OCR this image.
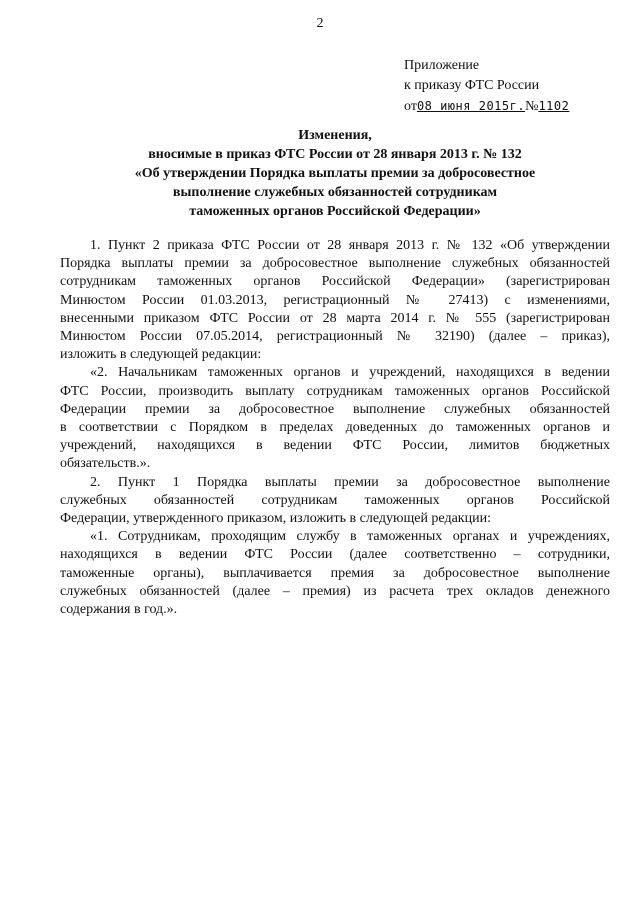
2
Приложение
к приказу ФТС России
от08 июня 2015г.№1102
Изменения,
вносимые в приказ ФТС России от 28 января 2013 г. № 132
«Об утверждении Порядка выплаты премии за добросовестное
выполнение служебных обязанностей сотрудникам
таможенных органов Российской Федерации»
1. Пункт 2 приказа ФТС России от 28 января 2013 г. № 132 «Об утверждении
Порядка выплаты премии за добросовестное выполнение служебных обязанностей
сотрудникам таможенных органов Российской Федерации» (зарегистрирован
Минюстом России 01.03.2013, регистрационный № 27413) с изменениями,
внесенными приказом ФТС России от 28 марта 2014 г. № 555 (зарегистрирован
Минюстом России 07.05.2014, регистрационный № 32190) (далее – приказ),
изложить в следующей редакции:
«2. Начальникам таможенных органов и учреждений, находящихся в ведении
ФТС России, производить выплату сотрудникам таможенных органов Российской
Федерации премии за добросовестное выполнение служебных обязанностей
в соответствии с Порядком в пределах доведенных до таможенных органов и
учреждений, находящихся в ведении ФТС России, лимитов бюджетных
обязательств.».
2. Пункт 1 Порядка выплаты премии за добросовестное выполнение
служебных обязанностей сотрудникам таможенных органов Российской
Федерации, утвержденного приказом, изложить в следующей редакции:
«1. Сотрудникам, проходящим службу в таможенных органах и учреждениях,
находящихся в ведении ФТС России (далее соответственно – сотрудники,
таможенные органы), выплачивается премия за добросовестное выполнение
служебных обязанностей (далее – премия) из расчета трех окладов денежного
содержания в год.».
